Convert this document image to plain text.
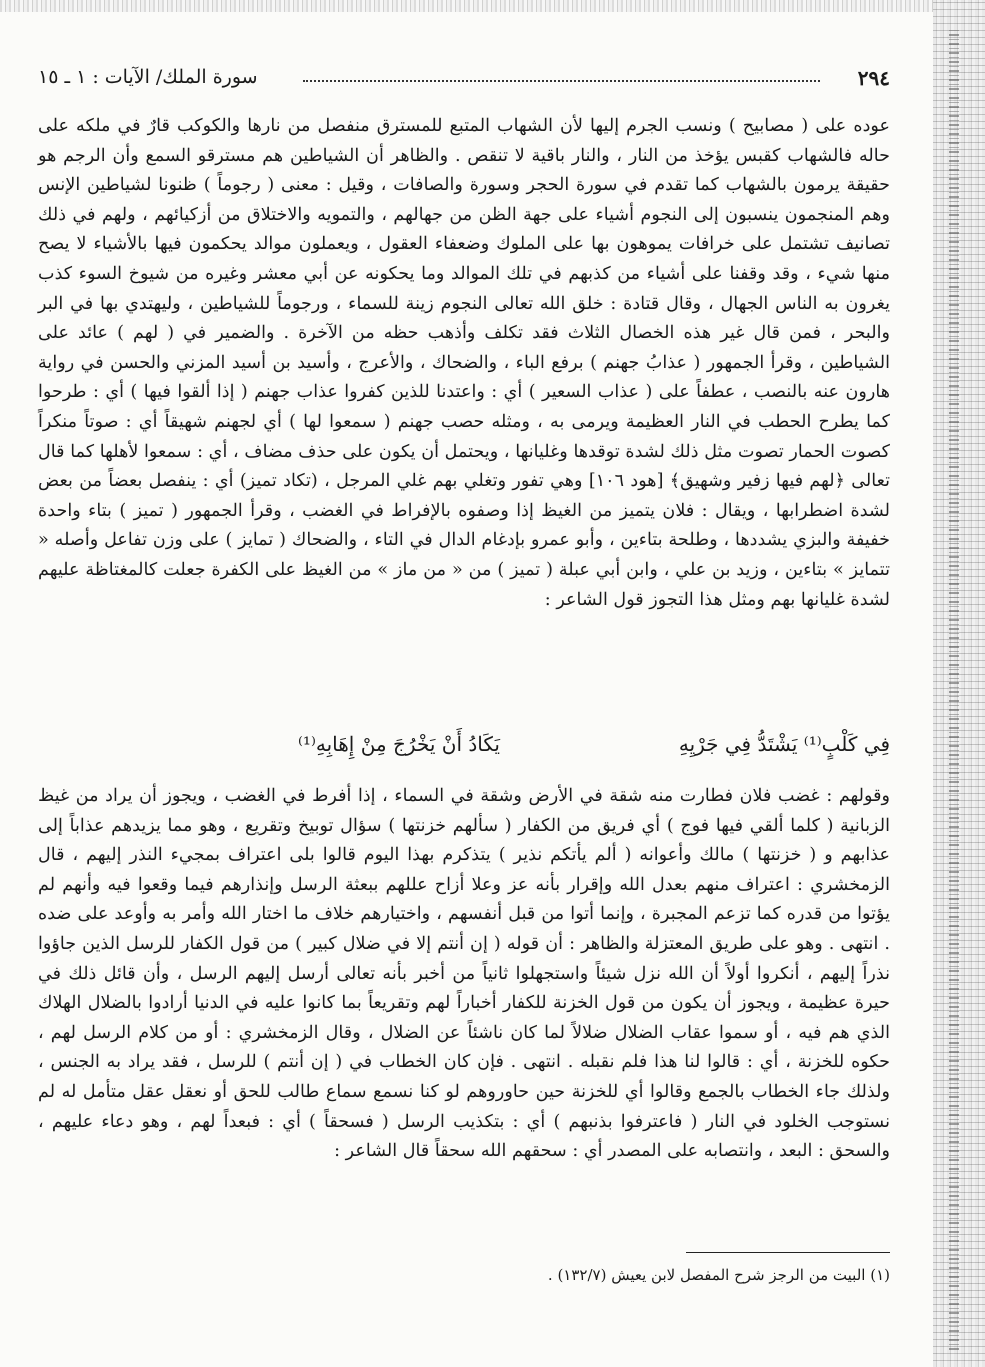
٢٩٤
سورة الملك/ الآيات : ١ ـ ١٥

عوده على ( مصابيح ) ونسب الجرم إليها لأن الشهاب المتبع للمسترق منفصل من نارها والكوكب قارٌ في ملكه على حاله فالشهاب كقبس يؤخذ من النار ، والنار باقية لا تنقص . والظاهر أن الشياطين هم مسترقو السمع وأن الرجم هو حقيقة يرمون بالشهاب كما تقدم في سورة الحجر وسورة والصافات ، وقيل : معنى ( رجوماً ) ظنونا لشياطين الإنس وهم المنجمون ينسبون إلى النجوم أشياء على جهة الظن من جهالهم ، والتمويه والاختلاق من أزكيائهم ، ولهم في ذلك تصانيف تشتمل على خرافات يموهون بها على الملوك وضعفاء العقول ، ويعملون موالد يحكمون فيها بالأشياء لا يصح منها شيء ، وقد وقفنا على أشياء من كذبهم في تلك الموالد وما يحكونه عن أبي معشر وغيره من شيوخ السوء كذب يغرون به الناس الجهال ، وقال قتادة : خلق الله تعالى النجوم زينة للسماء ، ورجوماً للشياطين ، وليهتدي بها في البر والبحر ، فمن قال غير هذه الخصال الثلاث فقد تكلف وأذهب حظه من الآخرة . والضمير في ( لهم ) عائد على الشياطين ، وقرأ الجمهور ( عذابُ جهنم ) برفع الباء ، والضحاك ، والأعرج ، وأسيد بن أسيد المزني والحسن في رواية هارون عنه بالنصب ، عطفاً على ( عذاب السعير ) أي : واعتدنا للذين كفروا عذاب جهنم ( إذا ألقوا فيها ) أي : طرحوا كما يطرح الحطب في النار العظيمة ويرمى به ، ومثله حصب جهنم ( سمعوا لها ) أي لجهنم شهيقاً أي : صوتاً منكراً كصوت الحمار تصوت مثل ذلك لشدة توقدها وغليانها ، ويحتمل أن يكون على حذف مضاف ، أي : سمعوا لأهلها كما قال تعالى ﴿لهم فيها زفير وشهيق﴾ [هود ١٠٦] وهي تفور وتغلي بهم غلي المرجل ، (تكاد تميز) أي : ينفصل بعضاً من بعض لشدة اضطرابها ، ويقال : فلان يتميز من الغيظ إذا وصفوه بالإفراط في الغضب ، وقرأ الجمهور ( تميز ) بتاء واحدة خفيفة والبزي يشددها ، وطلحة بتاءين ، وأبو عمرو بإدغام الدال في التاء ، والضحاك ( تمايز ) على وزن تفاعل وأصله « تتمايز » بتاءين ، وزيد بن علي ، وابن أبي عبلة ( تميز ) من « من ماز » من الغيظ على الكفرة جعلت كالمغتاظة عليهم لشدة غليانها بهم ومثل هذا التجوز قول الشاعر :

فِي كَلْبٍ⁽¹⁾ يَشْتَدُّ فِي جَرْيِهِ
يَكَادُ أَنْ يَخْرُجَ مِنْ إِهَابِهِ⁽¹⁾

وقولهم : غضب فلان فطارت منه شقة في الأرض وشقة في السماء ، إذا أفرط في الغضب ، ويجوز أن يراد من غيظ الزبانية ( كلما ألقي فيها فوج ) أي فريق من الكفار ( سألهم خزنتها ) سؤال توبيخ وتقريع ، وهو مما يزيدهم عذاباً إلى عذابهم و ( خزنتها ) مالك وأعوانه ( ألم يأتكم نذير ) يتذكرم بهذا اليوم قالوا بلى اعتراف بمجيء النذر إليهم ، قال الزمخشري : اعتراف منهم بعدل الله وإقرار بأنه عز وعلا أزاح عللهم ببعثة الرسل وإنذارهم فيما وقعوا فيه وأنهم لم يؤتوا من قدره كما تزعم المجبرة ، وإنما أتوا من قبل أنفسهم ، واختيارهم خلاف ما اختار الله وأمر به وأوعد على ضده . انتهى . وهو على طريق المعتزلة والظاهر : أن قوله ( إن أنتم إلا في ضلال كبير ) من قول الكفار للرسل الذين جاؤوا نذراً إليهم ، أنكروا أولاً أن الله نزل شيئاً واستجهلوا ثانياً من أخبر بأنه تعالى أرسل إليهم الرسل ، وأن قائل ذلك في حيرة عظيمة ، ويجوز أن يكون من قول الخزنة للكفار أخباراً لهم وتقريعاً بما كانوا عليه في الدنيا أرادوا بالضلال الهلاك الذي هم فيه ، أو سموا عقاب الضلال ضلالاً لما كان ناشئاً عن الضلال ، وقال الزمخشري : أو من كلام الرسل لهم ، حكوه للخزنة ، أي : قالوا لنا هذا فلم نقبله . انتهى . فإن كان الخطاب في ( إن أنتم ) للرسل ، فقد يراد به الجنس ، ولذلك جاء الخطاب بالجمع وقالوا أي للخزنة حين حاوروهم لو كنا نسمع سماع طالب للحق أو نعقل عقل متأمل له لم نستوجب الخلود في النار ( فاعترفوا بذنبهم ) أي : بتكذيب الرسل ( فسحقاً ) أي : فبعداً لهم ، وهو دعاء عليهم ، والسحق : البعد ، وانتصابه على المصدر أي : سحقهم الله سحقاً قال الشاعر :

(١) البيت من الرجز شرح المفصل لابن يعيش (١٣٢/٧) .
